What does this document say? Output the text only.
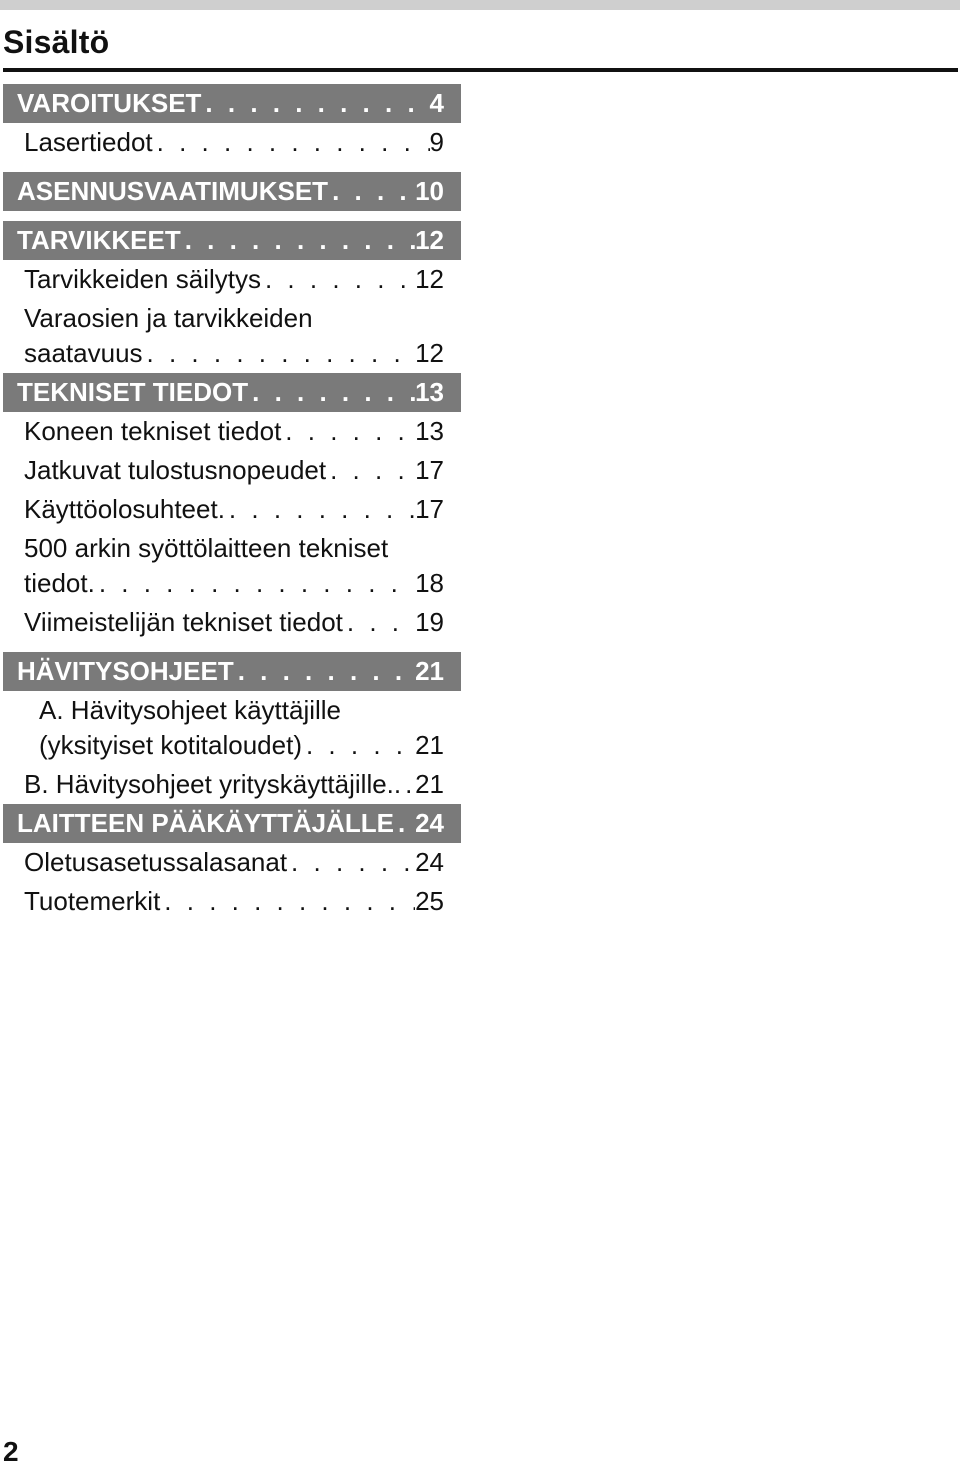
Sisältö
VAROITUKSET . . .	4
Lasertiedot . . .	9
ASENNUSVAATIMUKSET . . .	10
TARVIKKEET . . .	12
Tarvikkeiden säilytys . . .	12
Varaosien ja tarvikkeiden
saatavuus . . .	12
TEKNISET TIEDOT . . .	13
Koneen tekniset tiedot . . .	13
Jatkuvat tulostusnopeudet . . .	17
Käyttöolosuhteet. . . .	17
500 arkin syöttölaitteen tekniset
tiedot. . . .	18
Viimeistelijän tekniset tiedot . . .	19
HÄVITYSOHJEET . . .	21
A. Hävitysohjeet käyttäjille
(yksityiset kotitaloudet) . . .	21
B. Hävitysohjeet yrityskäyttäjille.. . . . 21
LAITTEEN PÄÄKÄYTTÄJÄLLE . . . 24
Oletusasetussalasanat . . .	24
Tuotemerkit . . .	25
2
